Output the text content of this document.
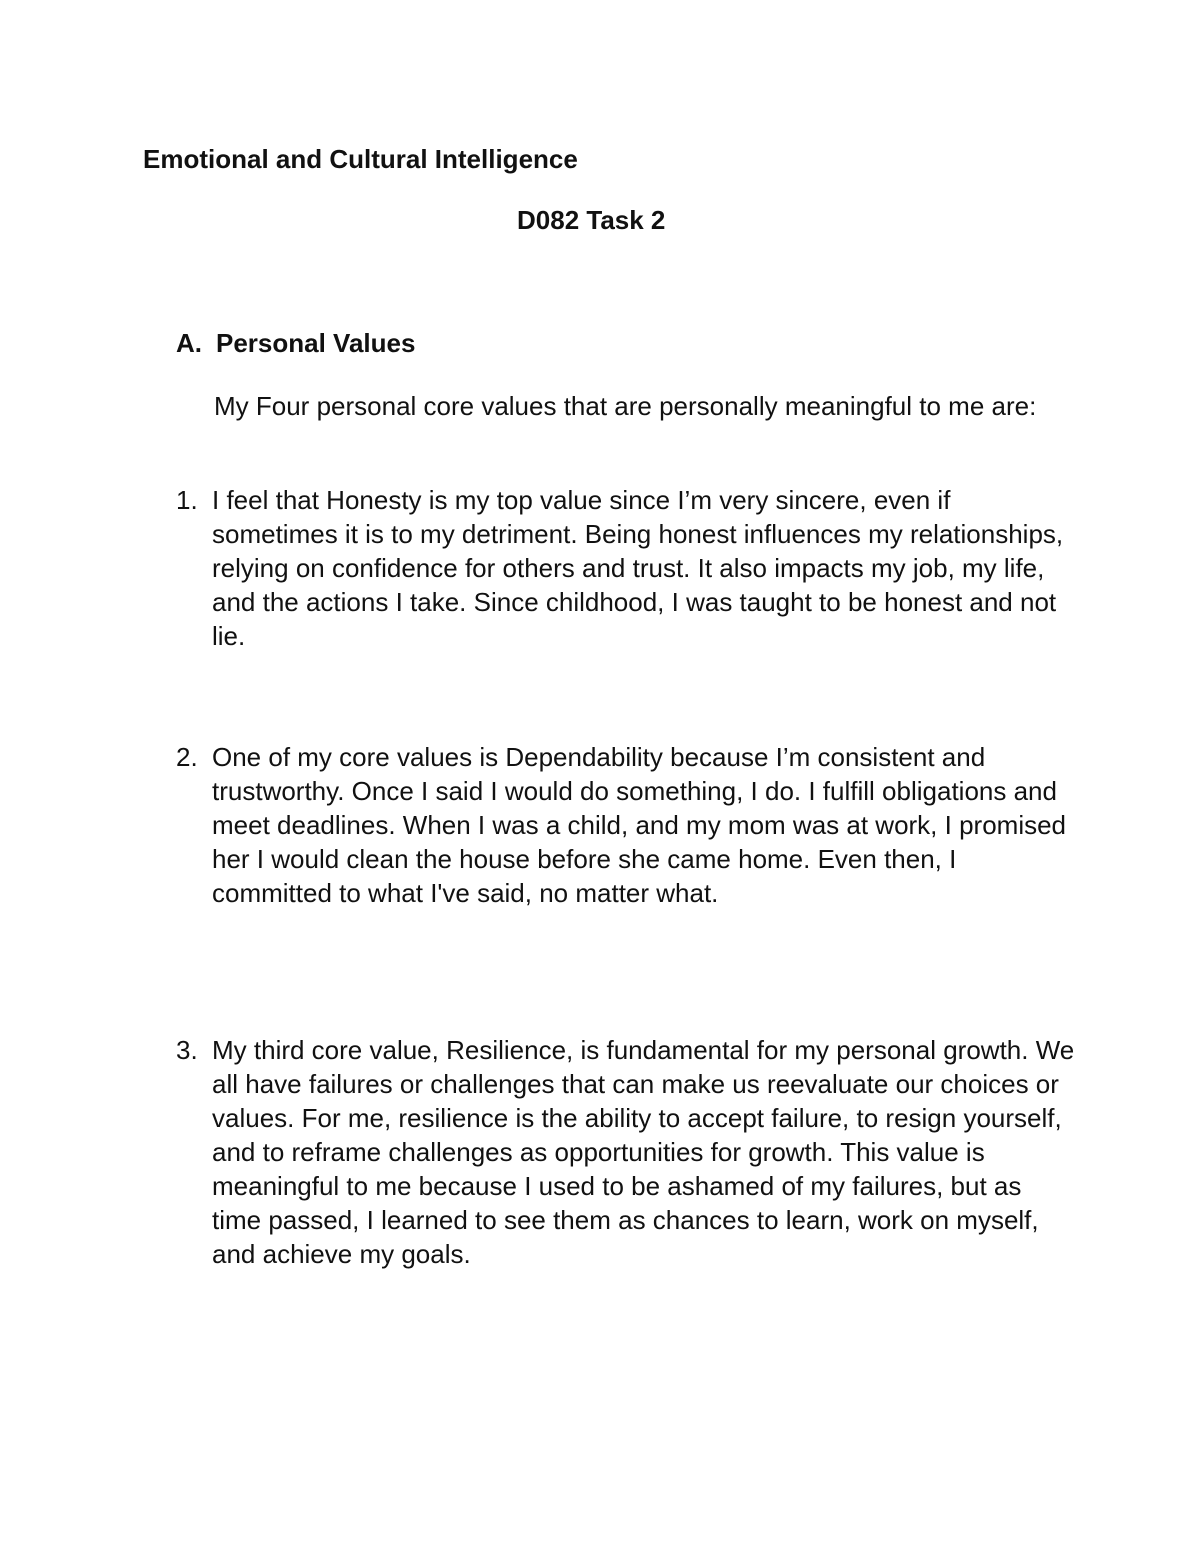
Emotional and Cultural Intelligence
D082 Task 2
A. Personal Values
My Four personal core values that are personally meaningful to me are:
1. I feel that Honesty is my top value since I’m very sincere, even if sometimes it is to my detriment. Being honest influences my relationships, relying on confidence for others and trust. It also impacts my job, my life, and the actions I take. Since childhood, I was taught to be honest and not lie.
2. One of my core values is Dependability because I’m consistent and trustworthy. Once I said I would do something, I do. I fulfill obligations and meet deadlines. When I was a child, and my mom was at work, I promised her I would clean the house before she came home. Even then, I committed to what I've said, no matter what.
3. My third core value, Resilience, is fundamental for my personal growth. We all have failures or challenges that can make us reevaluate our choices or values. For me, resilience is the ability to accept failure, to resign yourself, and to reframe challenges as opportunities for growth. This value is meaningful to me because I used to be ashamed of my failures, but as time passed, I learned to see them as chances to learn, work on myself, and achieve my goals.
